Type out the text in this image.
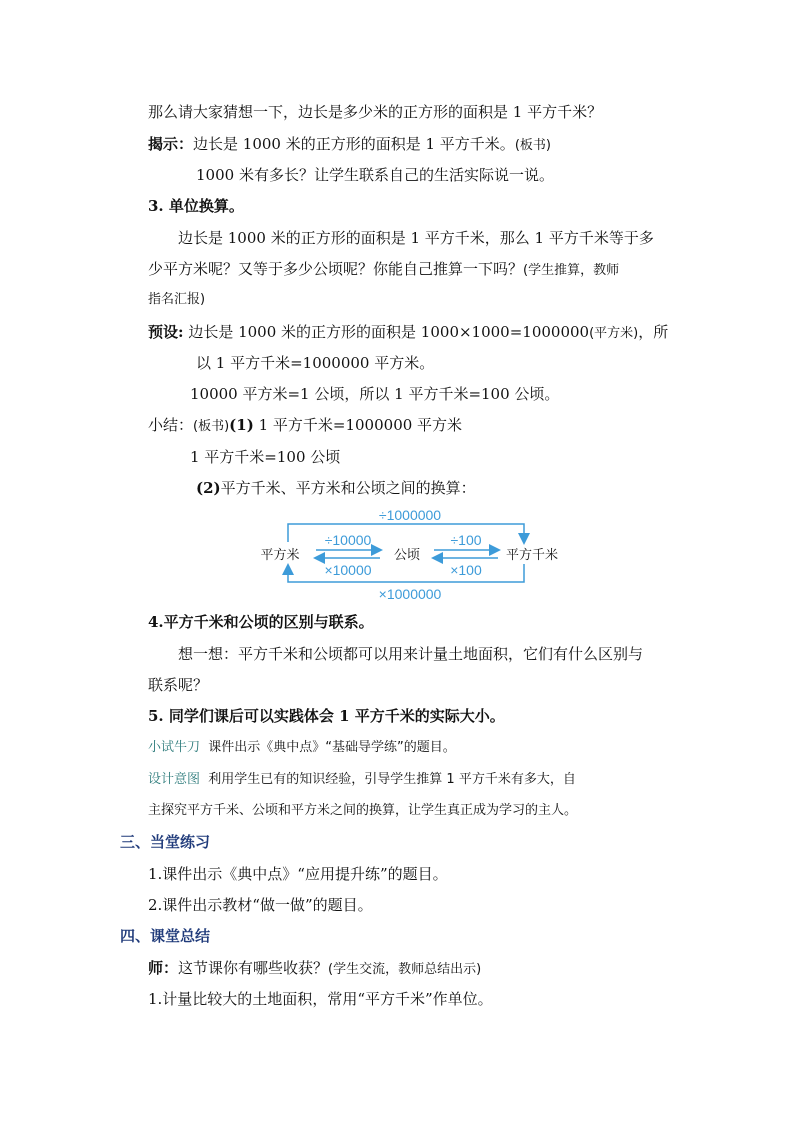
那么请大家猜想一下，边长是多少米的正方形的面积是 1 平方千米？
揭示：边长是 1000 米的正方形的面积是 1 平方千米。(板书)
1000 米有多长？让学生联系自己的生活实际说一说。
3. 单位换算。
边长是 1000 米的正方形的面积是 1 平方千米，那么 1 平方千米等于多
少平方米呢？又等于多少公顷呢？你能自己推算一下吗？(学生推算，教师
指名汇报)
预设: 边长是 1000 米的正方形的面积是 1000×1000=1000000(平方米)，所
以 1 平方千米=1000000 平方米。
10000 平方米=1 公顷，所以 1 平方千米=100 公顷。
小结：(板书)(1) 1 平方千米=1000000 平方米
1 平方千米=100 公顷
(2)平方千米、平方米和公顷之间的换算：
÷1000000
×1000000
÷10000
×10000
÷100
×100
平方米	公顷	平方千米
4.平方千米和公顷的区别与联系。
想一想：平方千米和公顷都可以用来计量土地面积，它们有什么区别与
联系呢？
5. 同学们课后可以实践体会 1 平方千米的实际大小。
小试牛刀 课件出示《典中点》“基础导学练”的题目。
设计意图 利用学生已有的知识经验，引导学生推算 1 平方千米有多大，自
主探究平方千米、公顷和平方米之间的换算，让学生真正成为学习的主人。
三、当堂练习
1.课件出示《典中点》“应用提升练”的题目。
2.课件出示教材“做一做”的题目。
四、课堂总结
师：这节课你有哪些收获？(学生交流，教师总结出示)
1.计量比较大的土地面积，常用“平方千米”作单位。
